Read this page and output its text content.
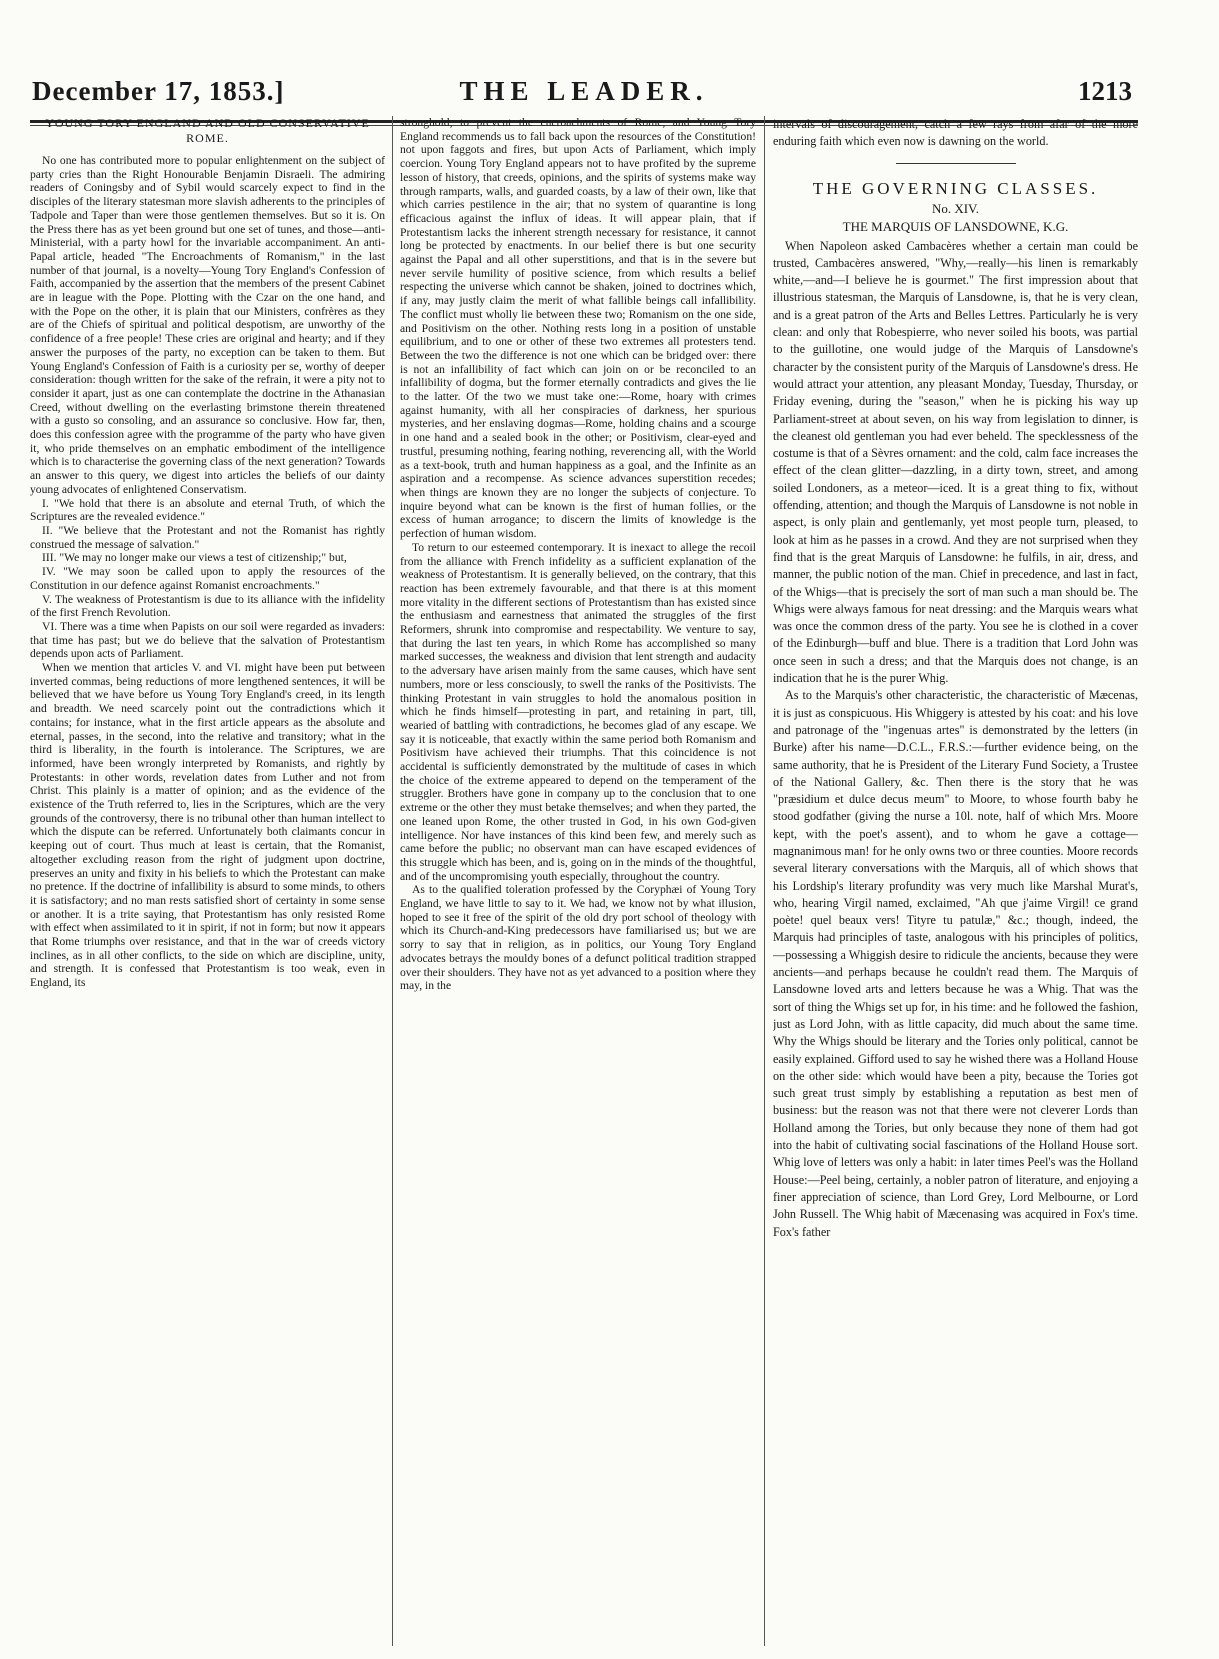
December 17, 1853.]	THE LEADER.	1213
YOUNG TORY ENGLAND AND OLD CONSERVATIVE ROME.

No one has contributed more to popular enlightenment on the subject of party cries than the Right Honourable Benjamin Disraeli. The admiring readers of Coningsby and of Sybil would scarcely expect to find in the disciples of the literary statesman more slavish adherents to the principles of Tadpole and Taper than were those gentlemen themselves. But so it is. On the Press there has as yet been ground but one set of tunes, and those—anti-Ministerial, with a party howl for the invariable accompaniment. An anti-Papal article, headed "The Encroachments of Romanism," in the last number of that journal, is a novelty—Young Tory England's Confession of Faith, accompanied by the assertion that the members of the present Cabinet are in league with the Pope. Plotting with the Czar on the one hand, and with the Pope on the other, it is plain that our Ministers, confrères as they are of the Chiefs of spiritual and political despotism, are unworthy of the confidence of a free people! These cries are original and hearty; and if they answer the purposes of the party, no exception can be taken to them. But Young England's Confession of Faith is a curiosity per se, worthy of deeper consideration: though written for the sake of the refrain, it were a pity not to consider it apart, just as one can contemplate the doctrine in the Athanasian Creed, without dwelling on the everlasting brimstone therein threatened with a gusto so consoling, and an assurance so conclusive. How far, then, does this confession agree with the programme of the party who have given it, who pride themselves on an emphatic embodiment of the intelligence which is to characterise the governing class of the next generation? Towards an answer to this query, we digest into articles the beliefs of our dainty young advocates of enlightened Conservatism.

I. "We hold that there is an absolute and eternal Truth, of which the Scriptures are the revealed evidence."

II. "We believe that the Protestant and not the Romanist has rightly construed the message of salvation."

III. "We may no longer make our views a test of citizenship;" but,

IV. "We may soon be called upon to apply the resources of the Constitution in our defence against Romanist encroachments."

V. The weakness of Protestantism is due to its alliance with the infidelity of the first French Revolution.

VI. There was a time when Papists on our soil were regarded as invaders: that time has past; but we do believe that the salvation of Protestantism depends upon acts of Parliament.

When we mention that articles V. and VI. might have been put between inverted commas, being reductions of more lengthened sentences, it will be believed that we have before us Young Tory England's creed, in its length and breadth. We need scarcely point out the contradictions which it contains; for instance, what in the first article appears as the absolute and eternal, passes, in the second, into the relative and transitory; what in the third is liberality, in the fourth is intolerance. The Scriptures, we are informed, have been wrongly interpreted by Romanists, and rightly by Protestants: in other words, revelation dates from Luther and not from Christ. This plainly is a matter of opinion; and as the evidence of the existence of the Truth referred to, lies in the Scriptures, which are the very grounds of the controversy, there is no tribunal other than human intellect to which the dispute can be referred. Unfortunately both claimants concur in keeping out of court. Thus much at least is certain, that the Romanist, altogether excluding reason from the right of judgment upon doctrine, preserves an unity and fixity in his beliefs to which the Protestant can make no pretence. If the doctrine of infallibility is absurd to some minds, to others it is satisfactory; and no man rests satisfied short of certainty in some sense or another. It is a trite saying, that Protestantism has only resisted Rome with effect when assimilated to it in spirit, if not in form; but now it appears that Rome triumphs over resistance, and that in the war of creeds victory inclines, as in all other conflicts, to the side on which are discipline, unity, and strength. It is confessed that Protestantism is too weak, even in England, its

stronghold, to prevent the encroachments of Rome, and Young Tory England recommends us to fall back upon the resources of the Constitution! not upon faggots and fires, but upon Acts of Parliament, which imply coercion. Young Tory England appears not to have profited by the supreme lesson of history, that creeds, opinions, and the spirits of systems make way through ramparts, walls, and guarded coasts, by a law of their own, like that which carries pestilence in the air; that no system of quarantine is long efficacious against the influx of ideas. It will appear plain, that if Protestantism lacks the inherent strength necessary for resistance, it cannot long be protected by enactments. In our belief there is but one security against the Papal and all other superstitions, and that is in the severe but never servile humility of positive science, from which results a belief respecting the universe which cannot be shaken, joined to doctrines which, if any, may justly claim the merit of what fallible beings call infallibility. The conflict must wholly lie between these two; Romanism on the one side, and Positivism on the other. Nothing rests long in a position of unstable equilibrium, and to one or other of these two extremes all protesters tend. Between the two the difference is not one which can be bridged over: there is not an infallibility of fact which can join on or be reconciled to an infallibility of dogma, but the former eternally contradicts and gives the lie to the latter. Of the two we must take one:—Rome, hoary with crimes against humanity, with all her conspiracies of darkness, her spurious mysteries, and her enslaving dogmas—Rome, holding chains and a scourge in one hand and a sealed book in the other; or Positivism, clear-eyed and trustful, presuming nothing, fearing nothing, reverencing all, with the World as a text-book, truth and human happiness as a goal, and the Infinite as an aspiration and a recompense. As science advances superstition recedes; when things are known they are no longer the subjects of conjecture. To inquire beyond what can be known is the first of human follies, or the excess of human arrogance; to discern the limits of knowledge is the perfection of human wisdom.

To return to our esteemed contemporary. It is inexact to allege the recoil from the alliance with French infidelity as a sufficient explanation of the weakness of Protestantism. It is generally believed, on the contrary, that this reaction has been extremely favourable, and that there is at this moment more vitality in the different sections of Protestantism than has existed since the enthusiasm and earnestness that animated the struggles of the first Reformers, shrunk into compromise and respectability. We venture to say, that during the last ten years, in which Rome has accomplished so many marked successes, the weakness and division that lent strength and audacity to the adversary have arisen mainly from the same causes, which have sent numbers, more or less consciously, to swell the ranks of the Positivists. The thinking Protestant in vain struggles to hold the anomalous position in which he finds himself—protesting in part, and retaining in part, till, wearied of battling with contradictions, he becomes glad of any escape. We say it is noticeable, that exactly within the same period both Romanism and Positivism have achieved their triumphs. That this coincidence is not accidental is sufficiently demonstrated by the multitude of cases in which the choice of the extreme appeared to depend on the temperament of the struggler. Brothers have gone in company up to the conclusion that to one extreme or the other they must betake themselves; and when they parted, the one leaned upon Rome, the other trusted in God, in his own God-given intelligence. Nor have instances of this kind been few, and merely such as came before the public; no observant man can have escaped evidences of this struggle which has been, and is, going on in the minds of the thoughtful, and of the uncompromising youth especially, throughout the country.

As to the qualified toleration professed by the Coryphæi of Young Tory England, we have little to say to it. We had, we know not by what illusion, hoped to see it free of the spirit of the old dry port school of theology with which its Church-and-King predecessors have familiarised us; but we are sorry to say that in religion, as in politics, our Young Tory England advocates betrays the mouldy bones of a defunct political tradition strapped over their shoulders. They have not as yet advanced to a position where they may, in the

intervals of discouragement, catch a few rays from afar of the more enduring faith which even now is dawning on the world.

THE GOVERNING CLASSES.
No. XIV.
THE MARQUIS OF LANSDOWNE, K.G.

When Napoleon asked Cambacères whether a certain man could be trusted, Cambacères answered, "Why,—really—his linen is remarkably white,—and—I believe he is gourmet." The first impression about that illustrious statesman, the Marquis of Lansdowne, is, that he is very clean, and is a great patron of the Arts and Belles Lettres. Particularly he is very clean: and only that Robespierre, who never soiled his boots, was partial to the guillotine, one would judge of the Marquis of Lansdowne's character by the consistent purity of the Marquis of Lansdowne's dress. He would attract your attention, any pleasant Monday, Tuesday, Thursday, or Friday evening, during the "season," when he is picking his way up Parliament-street at about seven, on his way from legislation to dinner, is the cleanest old gentleman you had ever beheld. The specklessness of the costume is that of a Sèvres ornament: and the cold, calm face increases the effect of the clean glitter—dazzling, in a dirty town, street, and among soiled Londoners, as a meteor—iced. It is a great thing to fix, without offending, attention; and though the Marquis of Lansdowne is not noble in aspect, is only plain and gentlemanly, yet most people turn, pleased, to look at him as he passes in a crowd. And they are not surprised when they find that is the great Marquis of Lansdowne: he fulfils, in air, dress, and manner, the public notion of the man. Chief in precedence, and last in fact, of the Whigs—that is precisely the sort of man such a man should be. The Whigs were always famous for neat dressing: and the Marquis wears what was once the common dress of the party. You see he is clothed in a cover of the Edinburgh—buff and blue. There is a tradition that Lord John was once seen in such a dress; and that the Marquis does not change, is an indication that he is the purer Whig.

As to the Marquis's other characteristic, the characteristic of Mæcenas, it is just as conspicuous. His Whiggery is attested by his coat: and his love and patronage of the "ingenuas artes" is demonstrated by the letters (in Burke) after his name—D.C.L., F.R.S.:—further evidence being, on the same authority, that he is President of the Literary Fund Society, a Trustee of the National Gallery, &c. Then there is the story that he was "præsidium et dulce decus meum" to Moore, to whose fourth baby he stood godfather (giving the nurse a 10l. note, half of which Mrs. Moore kept, with the poet's assent), and to whom he gave a cottage—magnanimous man! for he only owns two or three counties. Moore records several literary conversations with the Marquis, all of which shows that his Lordship's literary profundity was very much like Marshal Murat's, who, hearing Virgil named, exclaimed, "Ah que j'aime Virgil! ce grand poète! quel beaux vers! Tityre tu patulæ," &c.; though, indeed, the Marquis had principles of taste, analogous with his principles of politics,—possessing a Whiggish desire to ridicule the ancients, because they were ancients—and perhaps because he couldn't read them. The Marquis of Lansdowne loved arts and letters because he was a Whig. That was the sort of thing the Whigs set up for, in his time: and he followed the fashion, just as Lord John, with as little capacity, did much about the same time. Why the Whigs should be literary and the Tories only political, cannot be easily explained. Gifford used to say he wished there was a Holland House on the other side: which would have been a pity, because the Tories got such great trust simply by establishing a reputation as best men of business: but the reason was not that there were not cleverer Lords than Holland among the Tories, but only because they none of them had got into the habit of cultivating social fascinations of the Holland House sort. Whig love of letters was only a habit: in later times Peel's was the Holland House:—Peel being, certainly, a nobler patron of literature, and enjoying a finer appreciation of science, than Lord Grey, Lord Melbourne, or Lord John Russell. The Whig habit of Mæcenasing was acquired in Fox's time. Fox's father
